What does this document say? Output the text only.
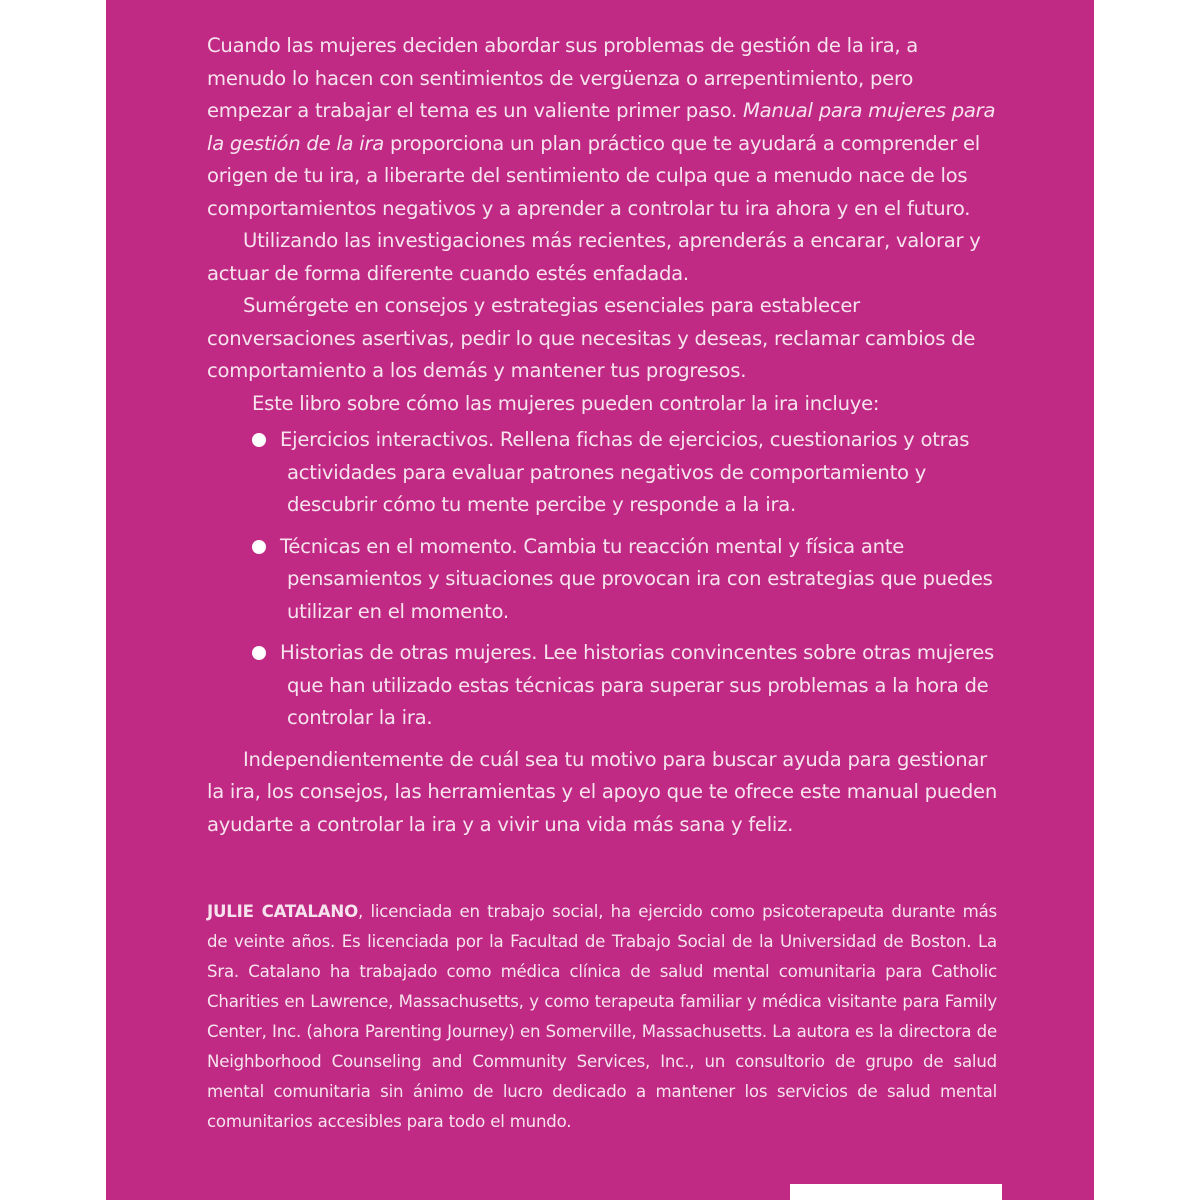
Cuando las mujeres deciden abordar sus problemas de gestión de la ira, a menudo lo hacen con sentimientos de vergüenza o arrepentimiento, pero empezar a trabajar el tema es un valiente primer paso. Manual para mujeres para la gestión de la ira proporciona un plan práctico que te ayudará a comprender el origen de tu ira, a liberarte del sentimiento de culpa que a menudo nace de los comportamientos negativos y a aprender a controlar tu ira ahora y en el futuro.

Utilizando las investigaciones más recientes, aprenderás a encarar, valorar y actuar de forma diferente cuando estés enfadada.

Sumérgete en consejos y estrategias esenciales para establecer conversaciones asertivas, pedir lo que necesitas y deseas, reclamar cambios de comportamiento a los demás y mantener tus progresos.

Este libro sobre cómo las mujeres pueden controlar la ira incluye:

Ejercicios interactivos. Rellena fichas de ejercicios, cuestionarios y otras actividades para evaluar patrones negativos de comportamiento y descubrir cómo tu mente percibe y responde a la ira.
Técnicas en el momento. Cambia tu reacción mental y física ante pensamientos y situaciones que provocan ira con estrategias que puedes utilizar en el momento.
Historias de otras mujeres. Lee historias convincentes sobre otras mujeres que han utilizado estas técnicas para superar sus problemas a la hora de controlar la ira.

Independientemente de cuál sea tu motivo para buscar ayuda para gestionar la ira, los consejos, las herramientas y el apoyo que te ofrece este manual pueden ayudarte a controlar la ira y a vivir una vida más sana y feliz.

JULIE CATALANO, licenciada en trabajo social, ha ejercido como psicoterapeuta durante más de veinte años. Es licenciada por la Facultad de Trabajo Social de la Universidad de Boston. La Sra. Catalano ha trabajado como médica clínica de salud mental comunitaria para Catholic Charities en Lawrence, Massachusetts, y como terapeuta familiar y médica visitante para Family Center, Inc. (ahora Parenting Journey) en Somerville, Massachusetts. La autora es la directora de Neighborhood Counseling and Community Services, Inc., un consultorio de grupo de salud mental comunitaria sin ánimo de lucro dedicado a mantener los servicios de salud mental comunitarios accesibles para todo el mundo.
